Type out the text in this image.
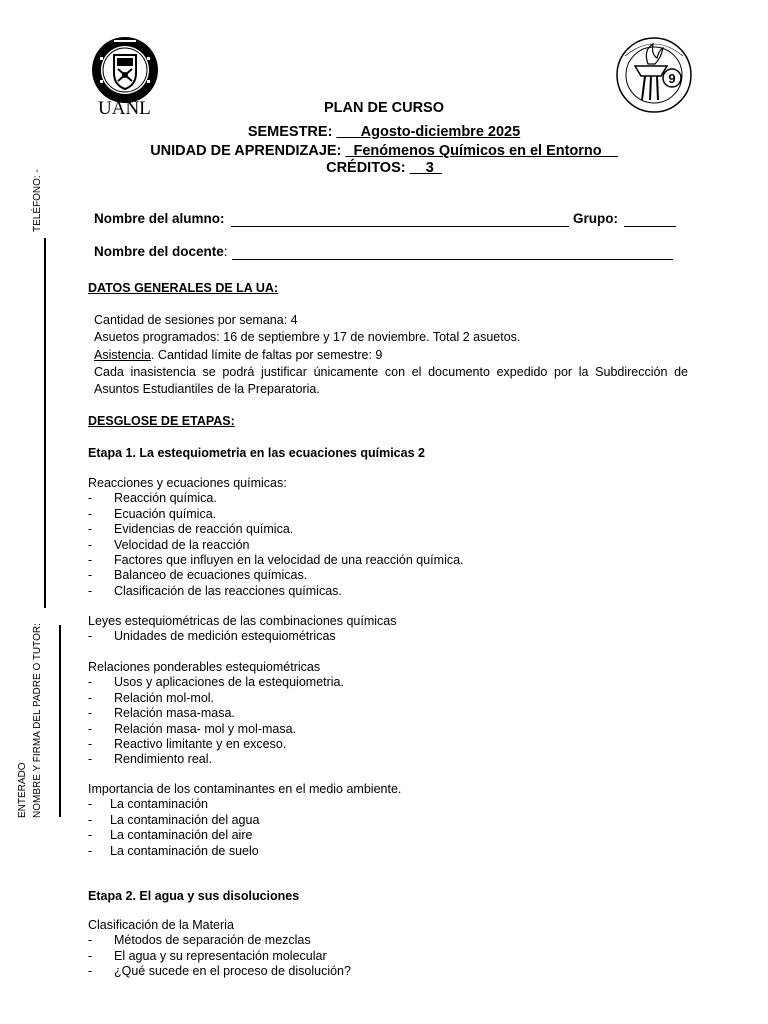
UANL
9
PLAN DE CURSO
SEMESTRE: ___Agosto-diciembre 2025
UNIDAD DE APRENDIZAJE: _Fenómenos Químicos en el Entorno__
CRÉDITOS: __3_
TELÉFONO: -
NOMBRE Y FIRMA DEL PADRE O TUTOR:
ENTERADO
Nombre del alumno:	Grupo:
Nombre del docente:
DATOS GENERALES DE LA UA:
Cantidad de sesiones por semana: 4
Asuetos programados: 16 de septiembre y 17 de noviembre. Total 2 asuetos.
Asistencia. Cantidad límite de faltas por semestre: 9
Cada inasistencia se podrá justificar únicamente con el documento expedido por la Subdirección de Asuntos Estudiantiles de la Preparatoria.
DESGLOSE DE ETAPAS:
Etapa 1. La estequiometria en las ecuaciones químicas 2
Reacciones y ecuaciones químicas:
-	Reacción química.
-	Ecuación química.
-	Evidencias de reacción química.
-	Velocidad de la reacción
-	Factores que influyen en la velocidad de una reacción química.
-	Balanceo de ecuaciones químicas.
-	Clasificación de las reacciones químicas.
Leyes estequiométricas de las combinaciones químicas
-	Unidades de medición estequiométricas
Relaciones ponderables estequiométricas
-	Usos y aplicaciones de la estequiometria.
-	Relación mol-mol.
-	Relación masa-masa.
-	Relación masa- mol y mol-masa.
-	Reactivo limitante y en exceso.
-	Rendimiento real.
Importancia de los contaminantes en el medio ambiente.
-	La contaminación
-	La contaminación del agua
-	La contaminación del aire
-	La contaminación de suelo
Etapa 2. El agua y sus disoluciones
Clasificación de la Materia
-	Métodos de separación de mezclas
-	El agua y su representación molecular
-	¿Qué sucede en el proceso de disolución?
